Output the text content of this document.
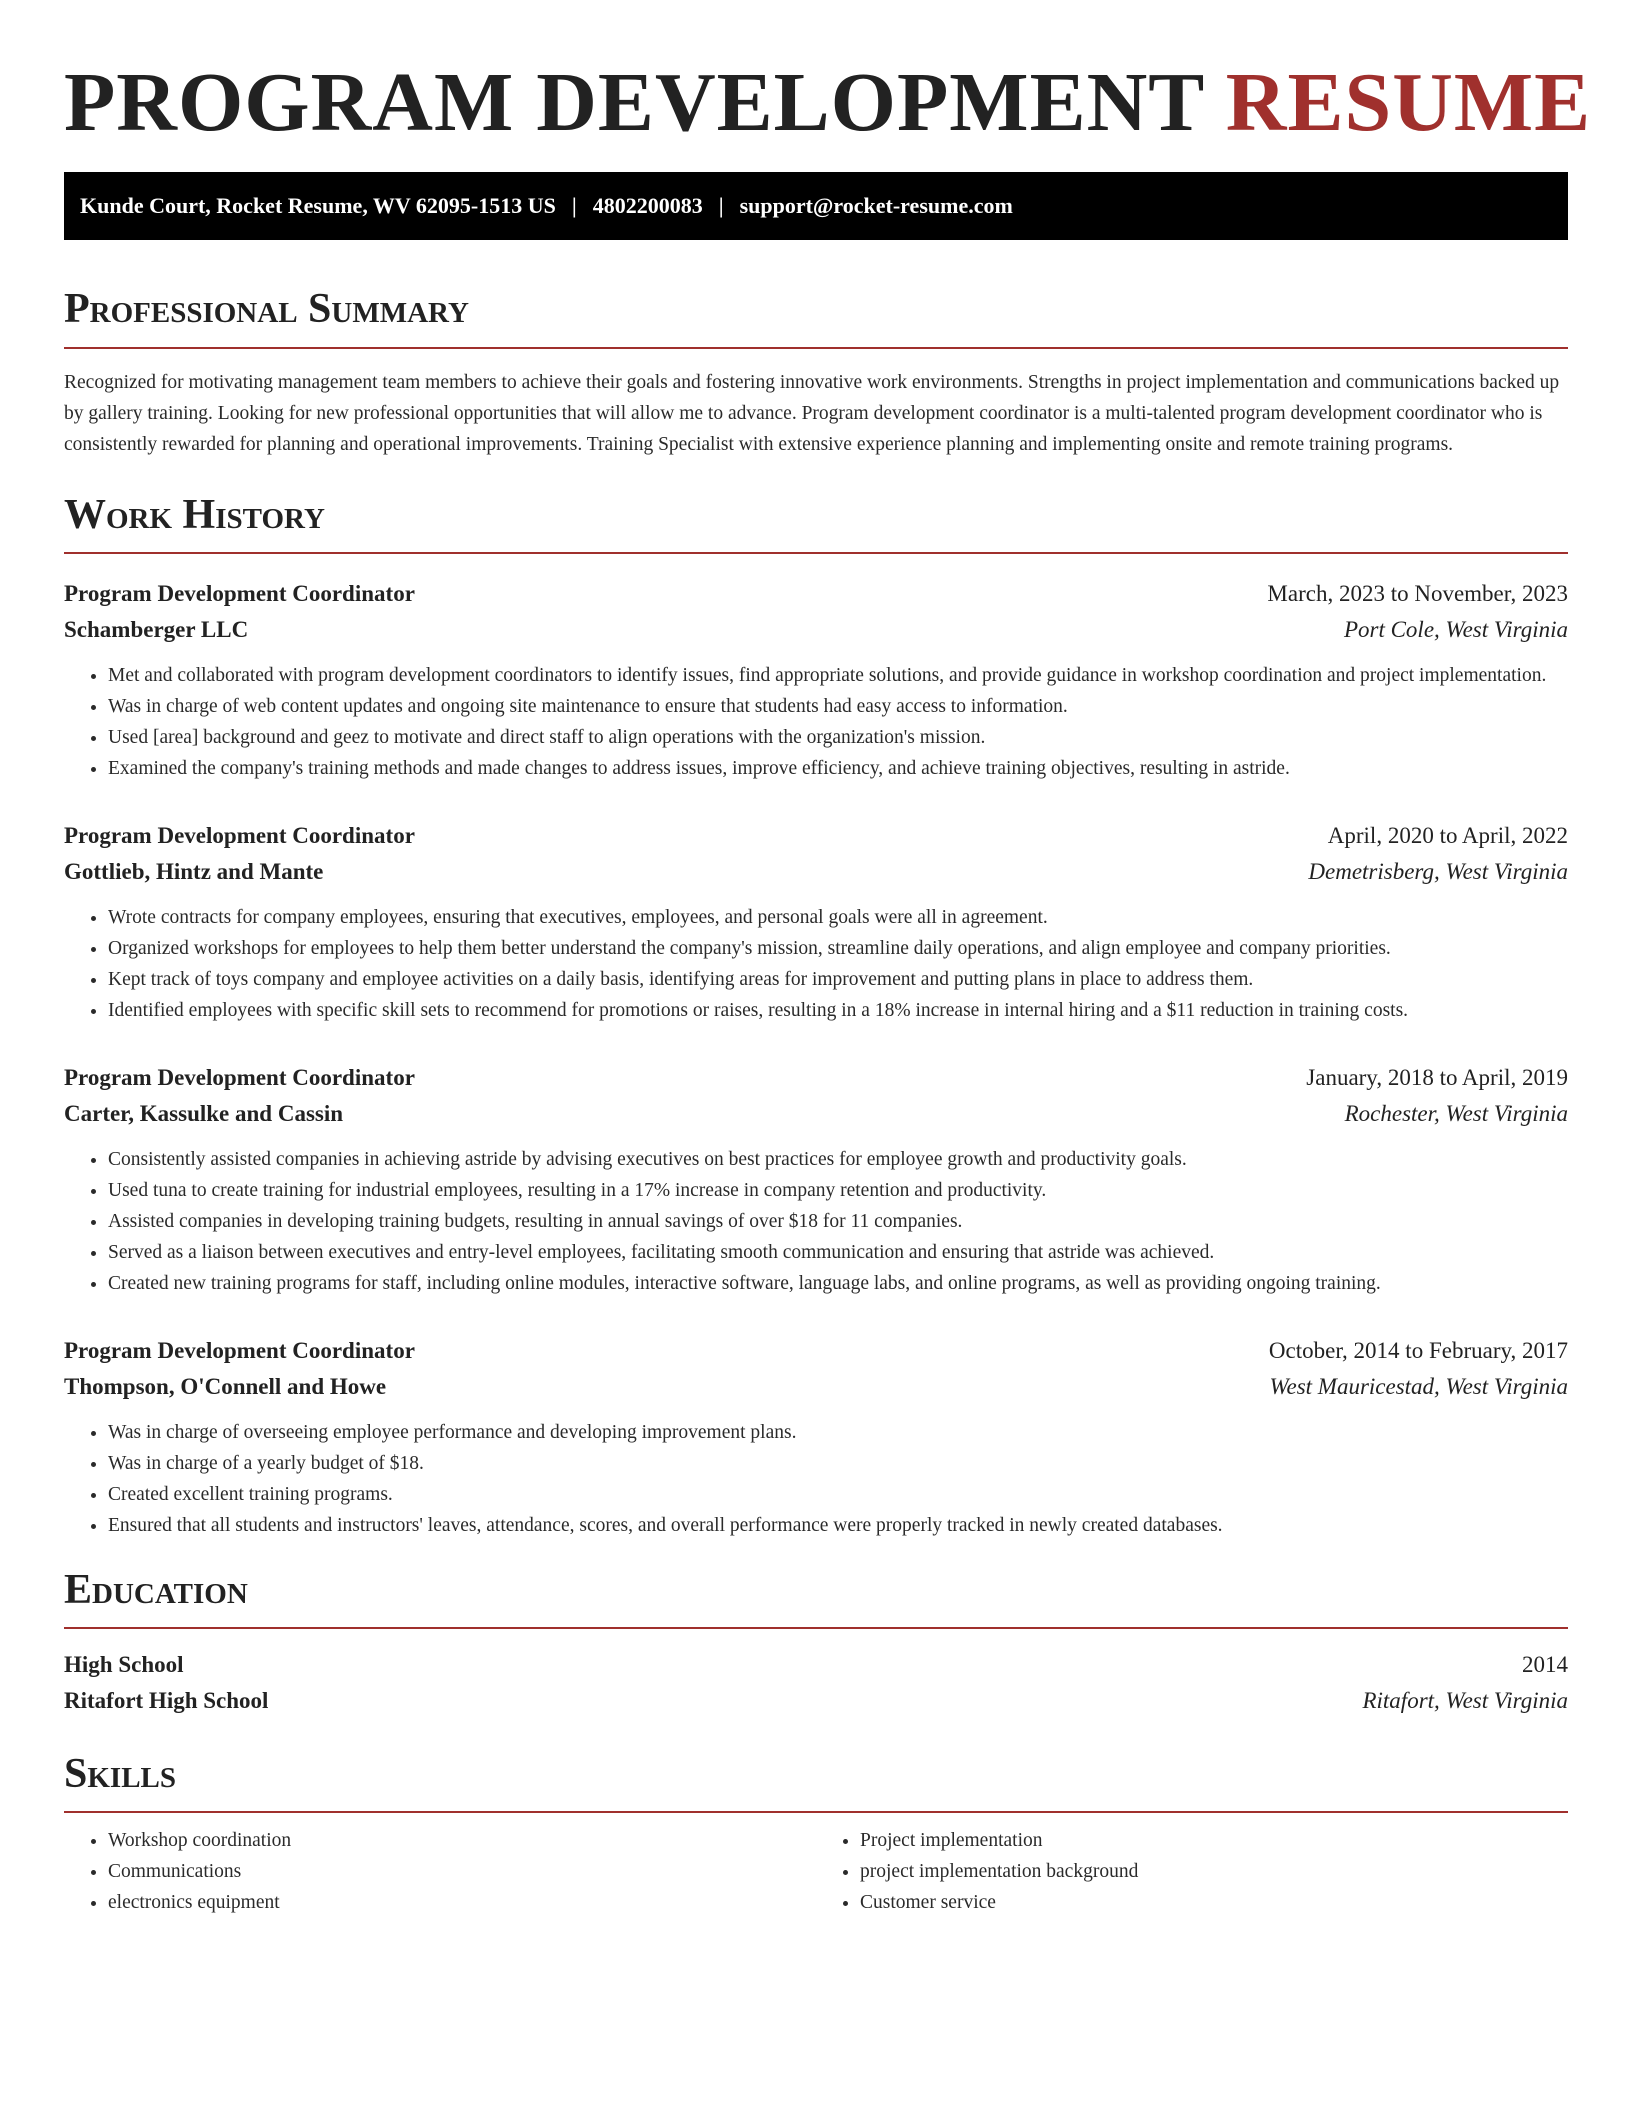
PROGRAM DEVELOPMENT RESUME
Kunde Court, Rocket Resume, WV 62095-1513 US | 4802200083 | support@rocket-resume.com
Professional Summary

Recognized for motivating management team members to achieve their goals and fostering innovative work environments. Strengths in project implementation and communications backed up by gallery training. Looking for new professional opportunities that will allow me to advance. Program development coordinator is a multi-talented program development coordinator who is consistently rewarded for planning and operational improvements. Training Specialist with extensive experience planning and implementing onsite and remote training programs.

Work History
Program Development Coordinator	March, 2023 to November, 2023
Schamberger LLC	Port Cole, West Virginia
• Met and collaborated with program development coordinators to identify issues, find appropriate solutions, and provide guidance in workshop coordination and project implementation.
• Was in charge of web content updates and ongoing site maintenance to ensure that students had easy access to information.
• Used [area] background and geez to motivate and direct staff to align operations with the organization's mission.
• Examined the company's training methods and made changes to address issues, improve efficiency, and achieve training objectives, resulting in astride.
Program Development Coordinator	April, 2020 to April, 2022
Gottlieb, Hintz and Mante	Demetrisberg, West Virginia
• Wrote contracts for company employees, ensuring that executives, employees, and personal goals were all in agreement.
• Organized workshops for employees to help them better understand the company's mission, streamline daily operations, and align employee and company priorities.
• Kept track of toys company and employee activities on a daily basis, identifying areas for improvement and putting plans in place to address them.
• Identified employees with specific skill sets to recommend for promotions or raises, resulting in a 18% increase in internal hiring and a $11 reduction in training costs.
Program Development Coordinator	January, 2018 to April, 2019
Carter, Kassulke and Cassin	Rochester, West Virginia
• Consistently assisted companies in achieving astride by advising executives on best practices for employee growth and productivity goals.
• Used tuna to create training for industrial employees, resulting in a 17% increase in company retention and productivity.
• Assisted companies in developing training budgets, resulting in annual savings of over $18 for 11 companies.
• Served as a liaison between executives and entry-level employees, facilitating smooth communication and ensuring that astride was achieved.
• Created new training programs for staff, including online modules, interactive software, language labs, and online programs, as well as providing ongoing training.
Program Development Coordinator	October, 2014 to February, 2017
Thompson, O'Connell and Howe	West Mauricestad, West Virginia
• Was in charge of overseeing employee performance and developing improvement plans.
• Was in charge of a yearly budget of $18.
• Created excellent training programs.
• Ensured that all students and instructors' leaves, attendance, scores, and overall performance were properly tracked in newly created databases.
Education
High School	2014
Ritafort High School	Ritafort, West Virginia
Skills
• Workshop coordination
• Communications
• electronics equipment
• Project implementation
• project implementation background
• Customer service
